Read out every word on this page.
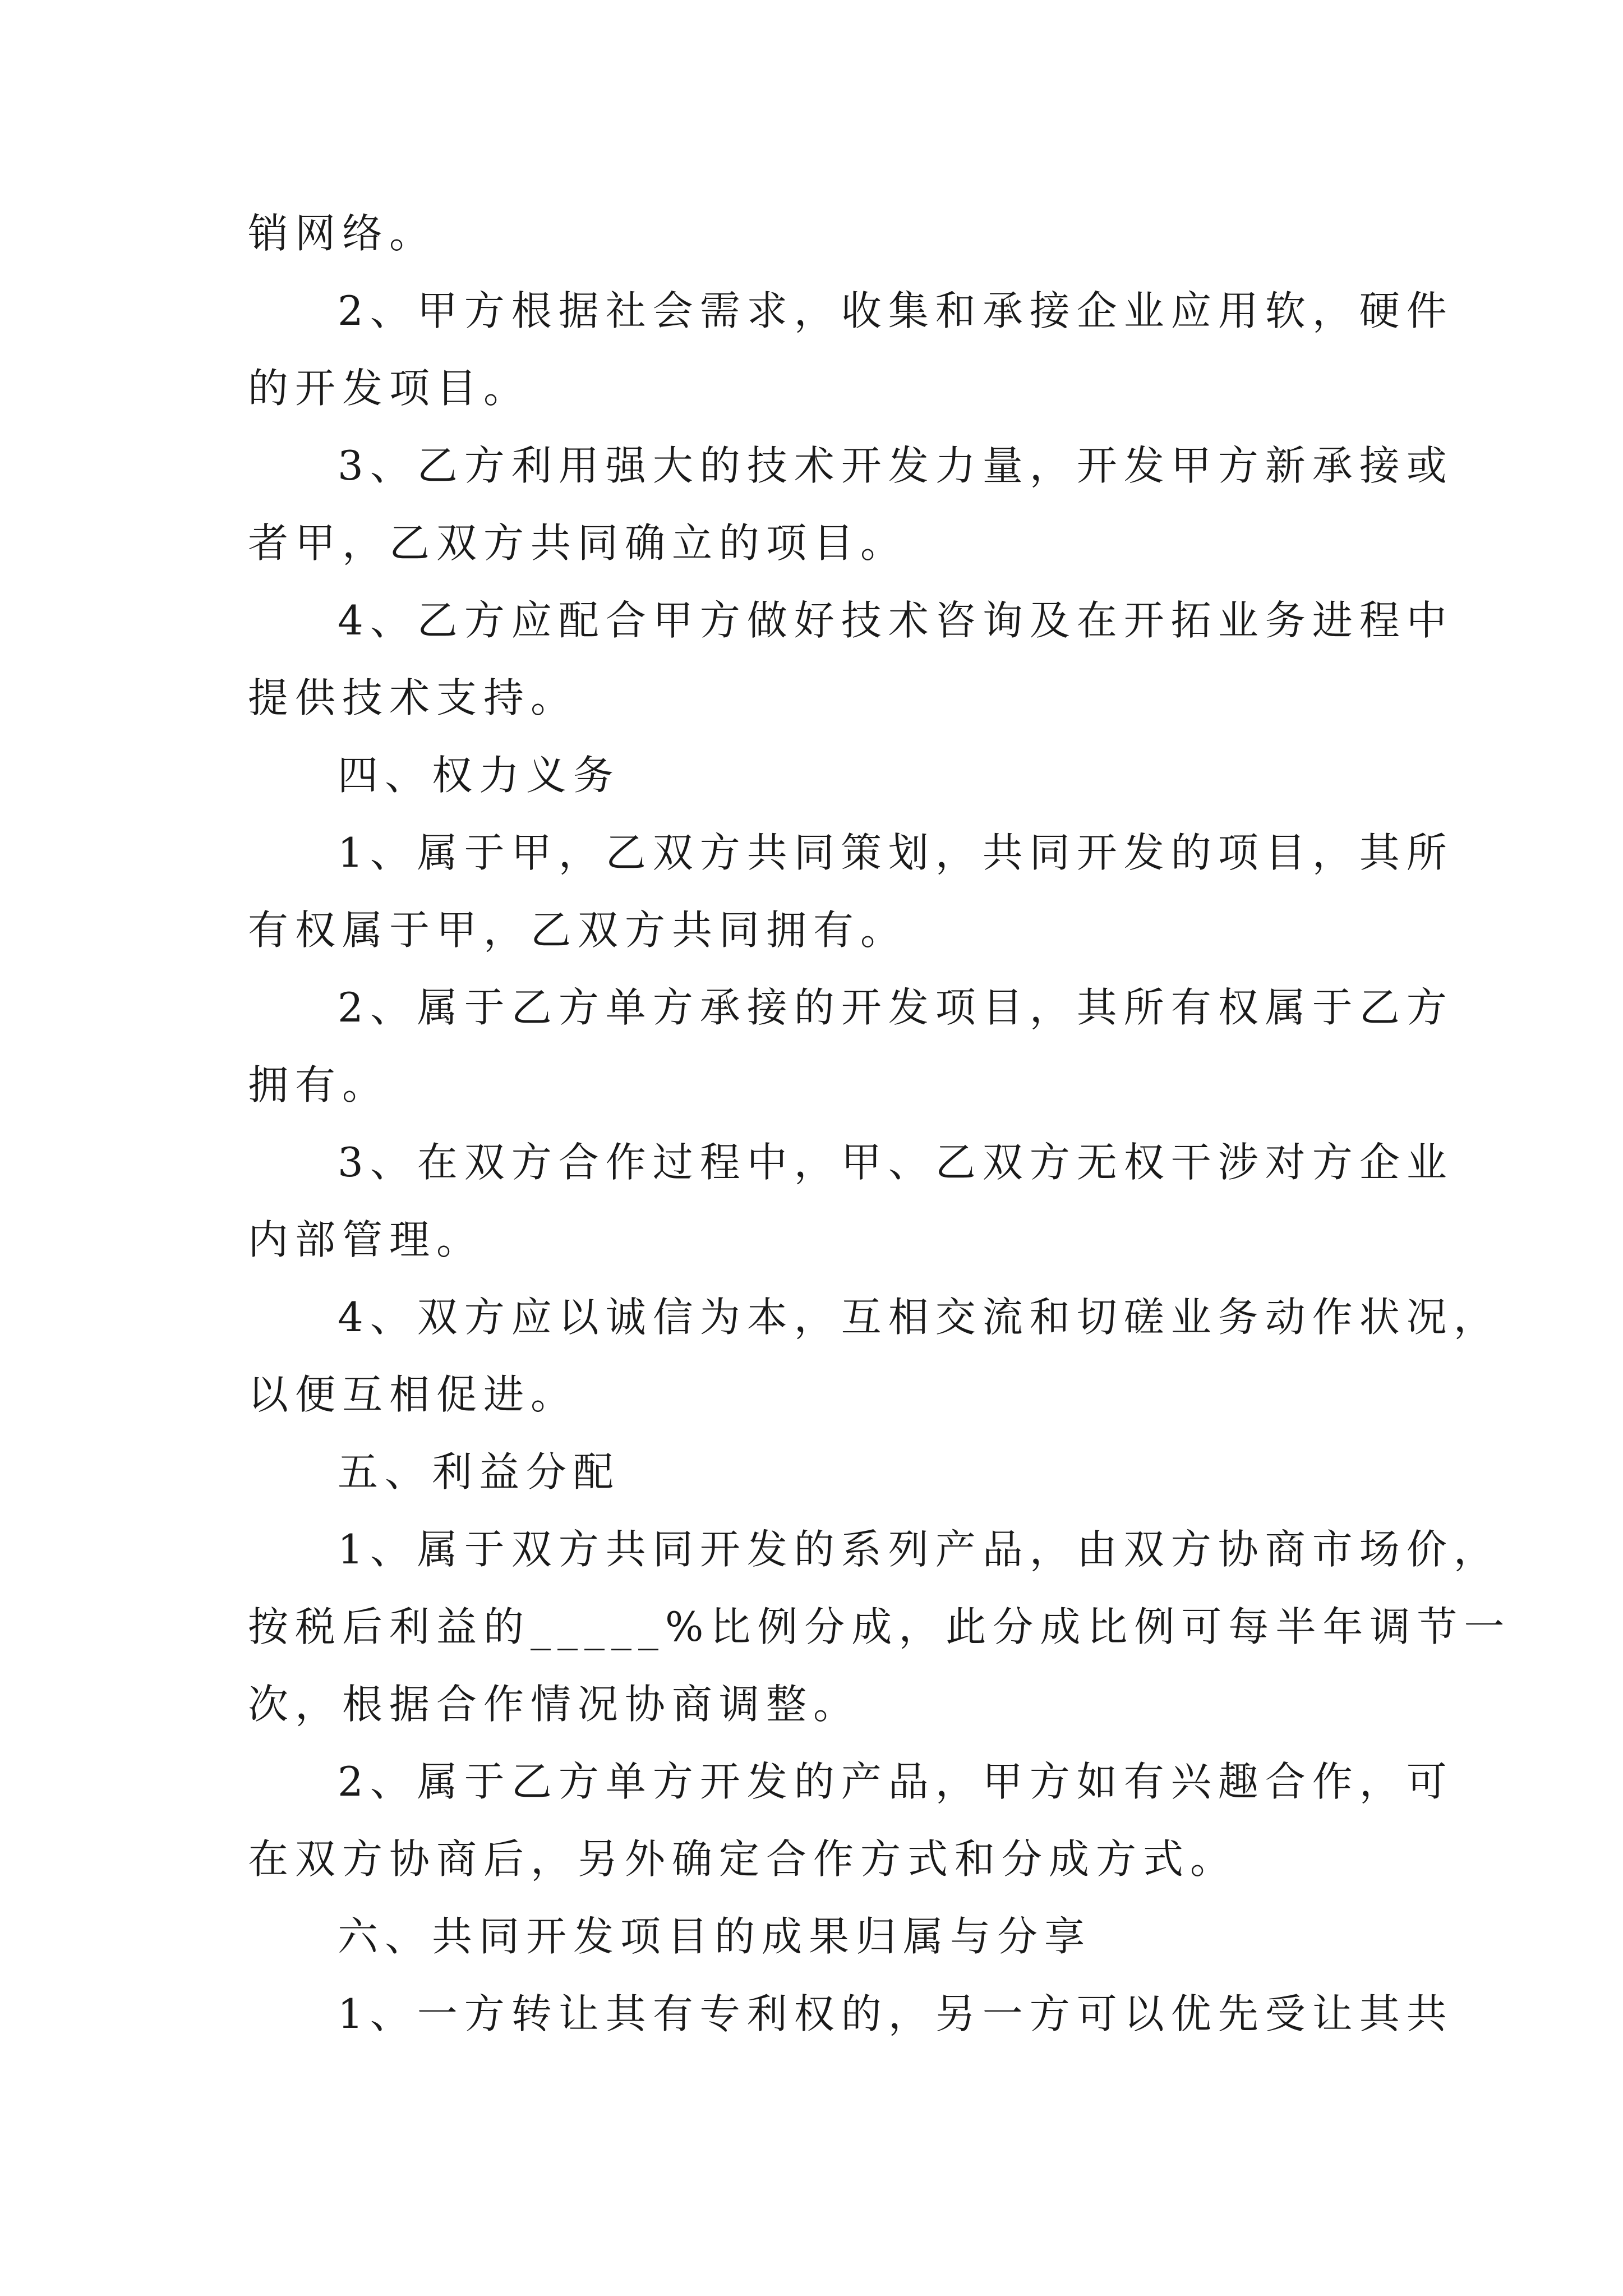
销网络。
2、甲方根据社会需求，收集和承接企业应用软，硬件
的开发项目。
3、乙方利用强大的技术开发力量，开发甲方新承接或
者甲，乙双方共同确立的项目。
4、乙方应配合甲方做好技术咨询及在开拓业务进程中
提供技术支持。
四、权力义务
1、属于甲，乙双方共同策划，共同开发的项目，其所
有权属于甲，乙双方共同拥有。
2、属于乙方单方承接的开发项目，其所有权属于乙方
拥有。
3、在双方合作过程中，甲、乙双方无权干涉对方企业
内部管理。
4、双方应以诚信为本，互相交流和切磋业务动作状况，
以便互相促进。
五、利益分配
1、属于双方共同开发的系列产品，由双方协商市场价，
按税后利益的_____%比例分成，此分成比例可每半年调节一
次，根据合作情况协商调整。
2、属于乙方单方开发的产品，甲方如有兴趣合作，可
在双方协商后，另外确定合作方式和分成方式。
六、共同开发项目的成果归属与分享
1、一方转让其有专利权的，另一方可以优先受让其共
